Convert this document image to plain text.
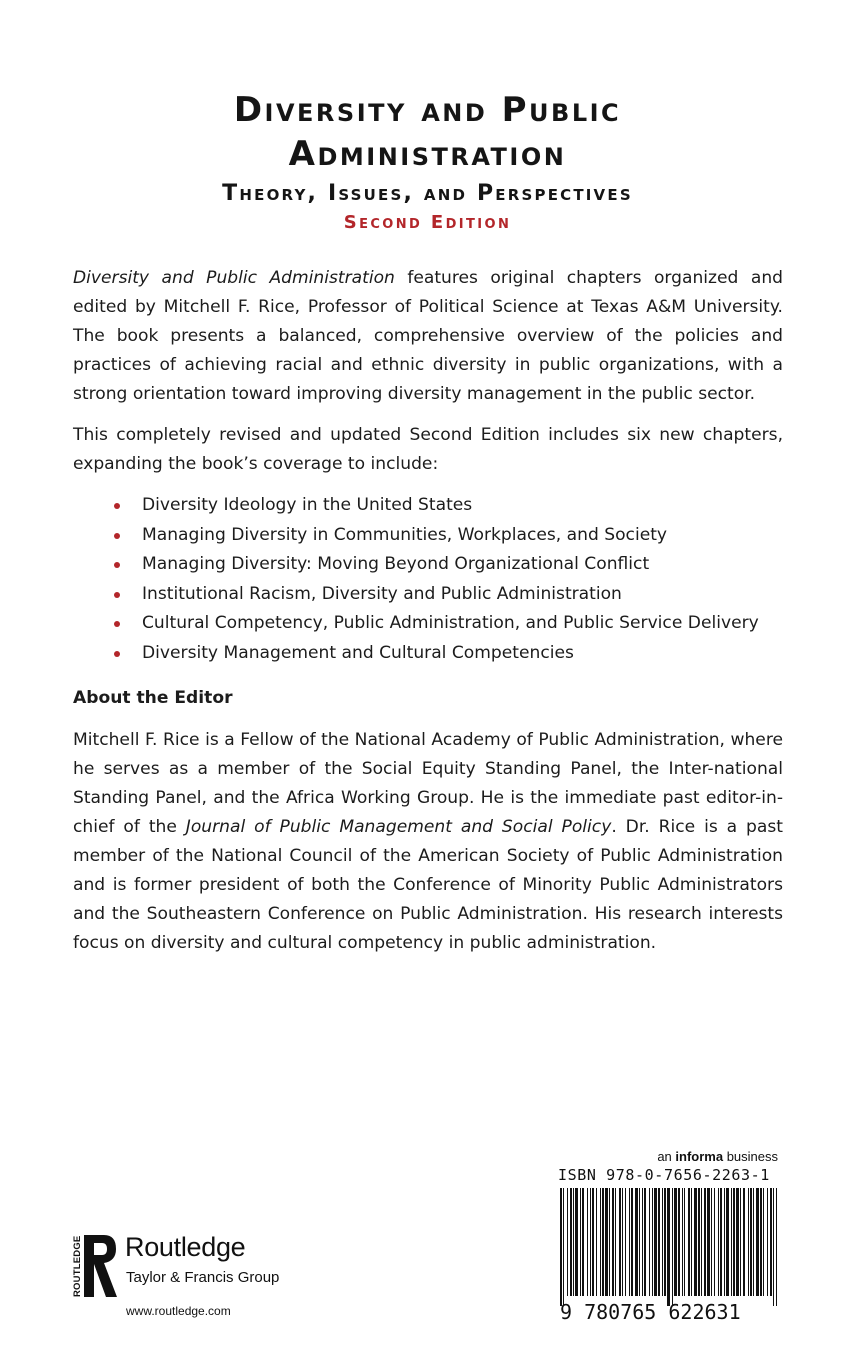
Diversity and Public
Administration
Theory, Issues, and Perspectives
Second Edition

Diversity and Public Administration features original chapters organized and edited by Mitchell F. Rice, Professor of Political Science at Texas A&M University. The book presents a balanced, comprehensive overview of the policies and practices of achieving racial and ethnic diversity in public organizations, with a strong orientation toward improving diversity management in the public sector.

This completely revised and updated Second Edition includes six new chapters, expanding the book’s coverage to include:

Diversity Ideology in the United States
Managing Diversity in Communities, Workplaces, and Society
Managing Diversity: Moving Beyond Organizational Conflict
Institutional Racism, Diversity and Public Administration
Cultural Competency, Public Administration, and Public Service Delivery
Diversity Management and Cultural Competencies

About the Editor

Mitchell F. Rice is a Fellow of the National Academy of Public Administration, where he serves as a member of the Social Equity Standing Panel, the Inter-national Standing Panel, and the Africa Working Group. He is the immediate past editor-in-chief of the Journal of Public Management and Social Policy. Dr. Rice is a past member of the National Council of the American Society of Public Administration and is former president of both the Conference of Minority Public Administrators and the Southeastern Conference on Public Administration. His research interests focus on diversity and cultural competency in public administration.

ROUTLEDGE Routledge
Taylor & Francis Group
www.routledge.com
an informa business
ISBN 978-0-7656-2263-1
9 780765 622631
